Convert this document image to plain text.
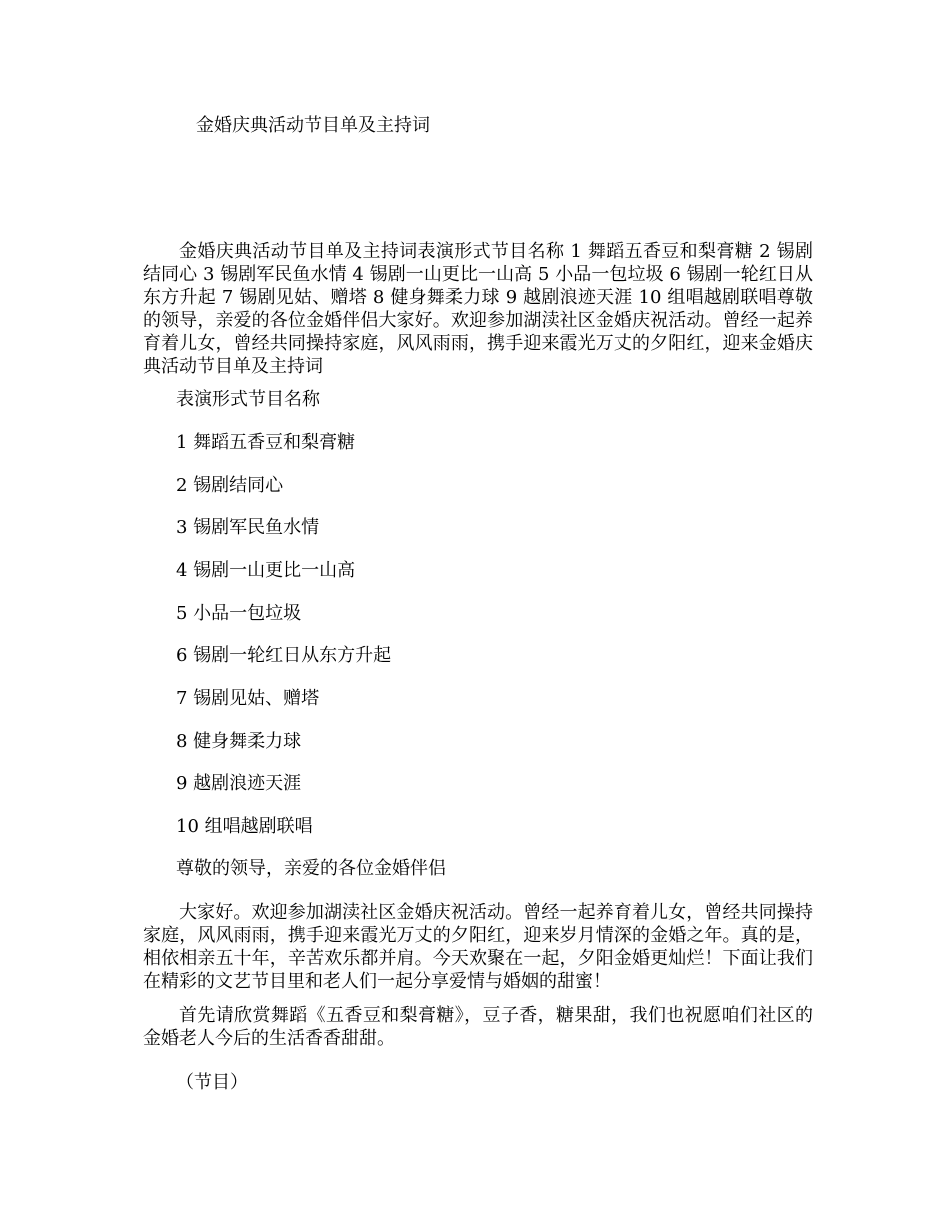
金婚庆典活动节目单及主持词

金婚庆典活动节目单及主持词表演形式节目名称 1 舞蹈五香豆和梨膏糖 2 锡剧结同心 3 锡剧军民鱼水情 4 锡剧一山更比一山高 5 小品一包垃圾 6 锡剧一轮红日从东方升起 7 锡剧见姑、赠塔 8 健身舞柔力球 9 越剧浪迹天涯 10 组唱越剧联唱尊敬的领导，亲爱的各位金婚伴侣大家好。欢迎参加湖渎社区金婚庆祝活动。曾经一起养育着儿女，曾经共同操持家庭，风风雨雨，携手迎来霞光万丈的夕阳红，迎来金婚庆典活动节目单及主持词

表演形式节目名称

1 舞蹈五香豆和梨膏糖

2 锡剧结同心

3 锡剧军民鱼水情

4 锡剧一山更比一山高

5 小品一包垃圾

6 锡剧一轮红日从东方升起

7 锡剧见姑、赠塔

8 健身舞柔力球

9 越剧浪迹天涯

10 组唱越剧联唱

尊敬的领导，亲爱的各位金婚伴侣

大家好。欢迎参加湖渎社区金婚庆祝活动。曾经一起养育着儿女，曾经共同操持家庭，风风雨雨，携手迎来霞光万丈的夕阳红，迎来岁月情深的金婚之年。真的是，相依相亲五十年，辛苦欢乐都并肩。今天欢聚在一起，夕阳金婚更灿烂！下面让我们在精彩的文艺节目里和老人们一起分享爱情与婚姻的甜蜜！

首先请欣赏舞蹈《五香豆和梨膏糖》，豆子香，糖果甜，我们也祝愿咱们社区的金婚老人今后的生活香香甜甜。

（节目）
